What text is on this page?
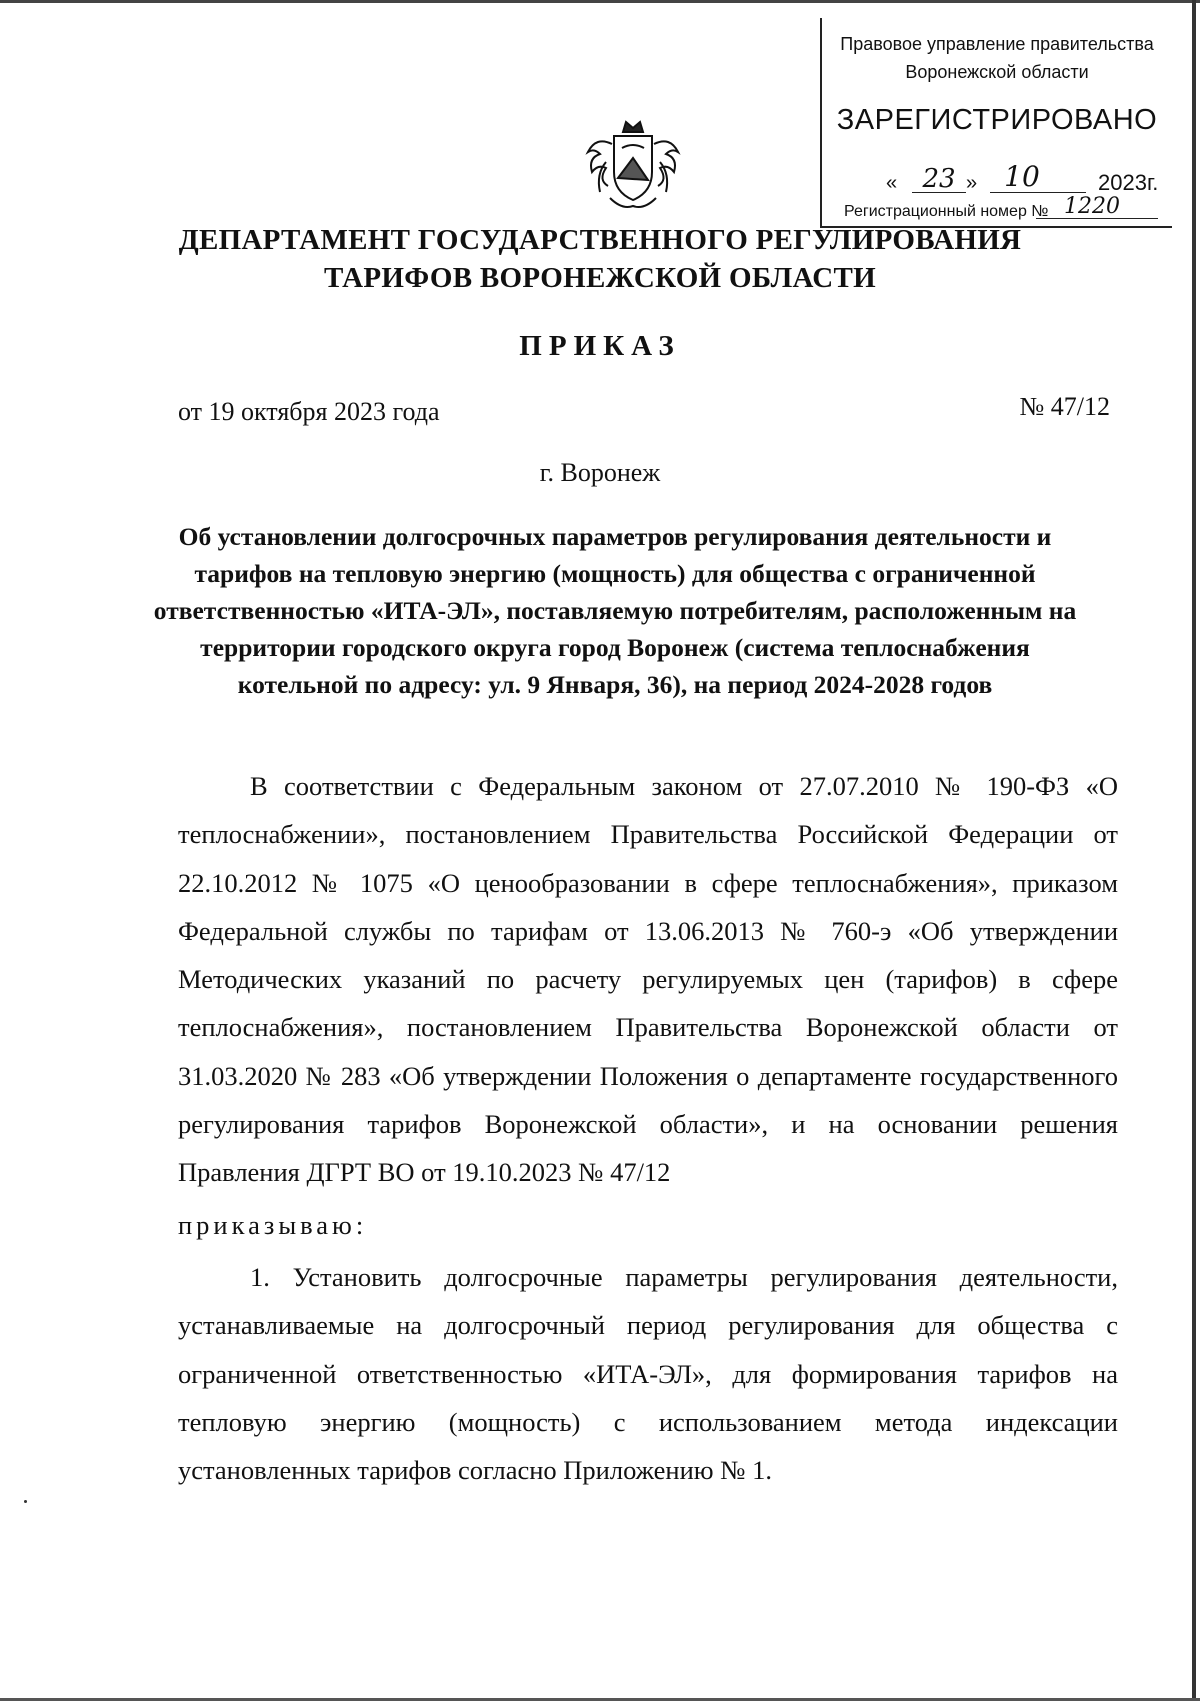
Правовое управление правительства
Воронежской области
ЗАРЕГИСТРИРОВАНО
« 23 » 10	2023г.
Регистрационный номер № 1220
ДЕПАРТАМЕНТ ГОСУДАРСТВЕННОГО РЕГУЛИРОВАНИЯ
ТАРИФОВ ВОРОНЕЖСКОЙ ОБЛАСТИ
ПРИКАЗ
от 19 октября 2023 года	№ 47/12
г. Воронеж
Об установлении долгосрочных параметров регулирования деятельности и тарифов на тепловую энергию (мощность) для общества с ограниченной ответственностью «ИТА-ЭЛ», поставляемую потребителям, расположенным на территории городского округа город Воронеж (система теплоснабжения котельной по адресу: ул. 9 Января, 36), на период 2024-2028 годов
В соответствии с Федеральным законом от 27.07.2010 № 190-ФЗ «О теплоснабжении», постановлением Правительства Российской Федерации от 22.10.2012 № 1075 «О ценообразовании в сфере теплоснабжения», приказом Федеральной службы по тарифам от 13.06.2013 № 760-э «Об утверждении Методических указаний по расчету регулируемых цен (тарифов) в сфере теплоснабжения», постановлением Правительства Воронежской области от 31.03.2020 № 283 «Об утверждении Положения о департаменте государственного регулирования тарифов Воронежской области», и на основании решения Правления ДГРТ ВО от 19.10.2023 № 47/12
приказываю:
1. Установить долгосрочные параметры регулирования деятельности, устанавливаемые на долгосрочный период регулирования для общества с ограниченной ответственностью «ИТА-ЭЛ», для формирования тарифов на тепловую энергию (мощность) с использованием метода индексации установленных тарифов согласно Приложению № 1.
